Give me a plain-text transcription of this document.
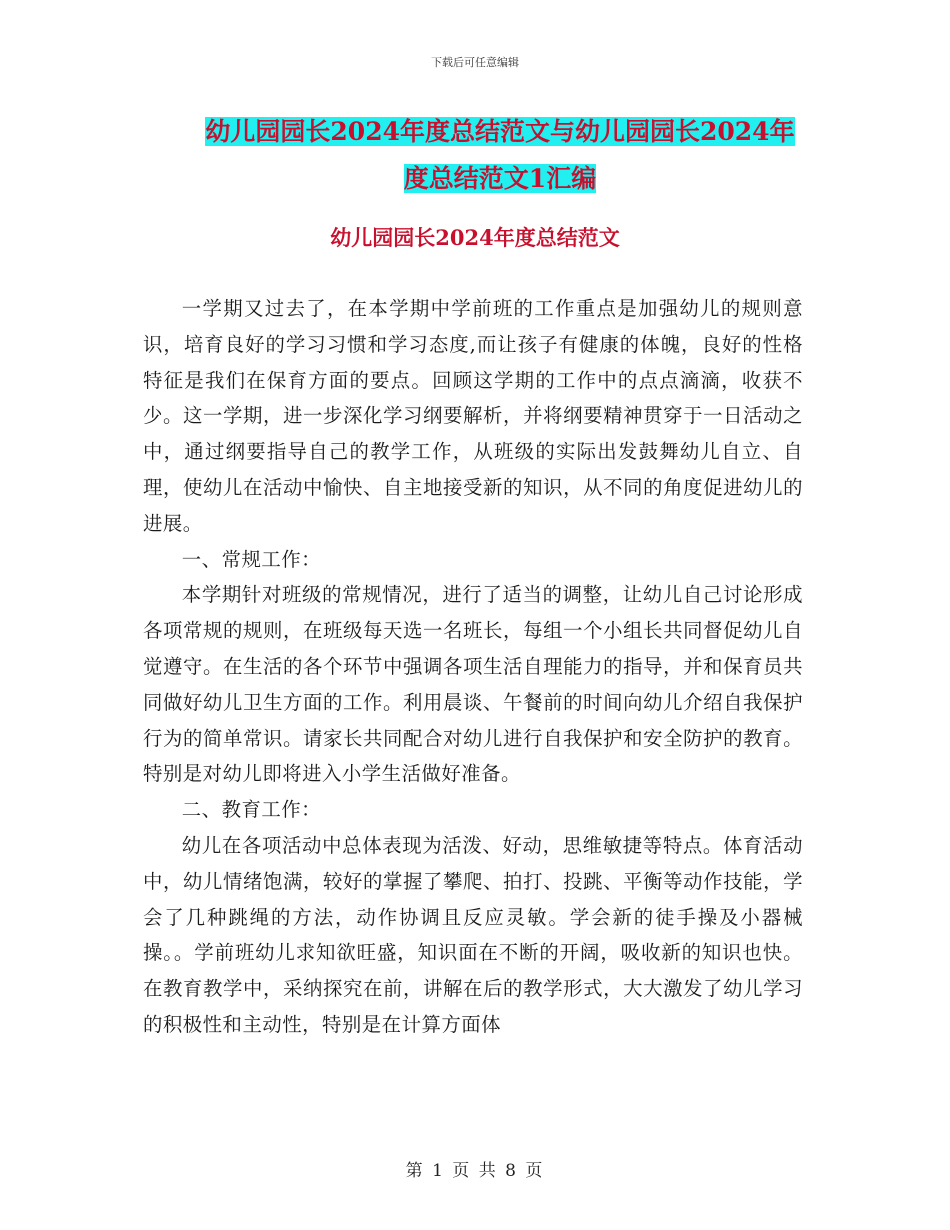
下载后可任意编辑
幼儿园园长2024年度总结范文与幼儿园园长2024年
度总结范文1汇编
幼儿园园长2024年度总结范文

一学期又过去了，在本学期中学前班的工作重点是加强幼儿的规则意识，培育良好的学习习惯和学习态度,而让孩子有健康的体魄，良好的性格特征是我们在保育方面的要点。回顾这学期的工作中的点点滴滴，收获不少。这一学期，进一步深化学习纲要解析，并将纲要精神贯穿于一日活动之中，通过纲要指导自己的教学工作，从班级的实际出发鼓舞幼儿自立、自理，使幼儿在活动中愉快、自主地接受新的知识，从不同的角度促进幼儿的进展。

一、常规工作：

本学期针对班级的常规情况，进行了适当的调整，让幼儿自己讨论形成各项常规的规则，在班级每天选一名班长，每组一个小组长共同督促幼儿自觉遵守。在生活的各个环节中强调各项生活自理能力的指导，并和保育员共同做好幼儿卫生方面的工作。利用晨谈、午餐前的时间向幼儿介绍自我保护行为的简单常识。请家长共同配合对幼儿进行自我保护和安全防护的教育。特别是对幼儿即将进入小学生活做好准备。

二、教育工作：

幼儿在各项活动中总体表现为活泼、好动，思维敏捷等特点。体育活动中，幼儿情绪饱满，较好的掌握了攀爬、拍打、投跳、平衡等动作技能，学会了几种跳绳的方法，动作协调且反应灵敏。学会新的徒手操及小器械操。。学前班幼儿求知欲旺盛，知识面在不断的开阔，吸收新的知识也快。在教育教学中，采纳探究在前，讲解在后的教学形式，大大激发了幼儿学习的积极性和主动性，特别是在计算方面体

第 1 页 共 8 页
